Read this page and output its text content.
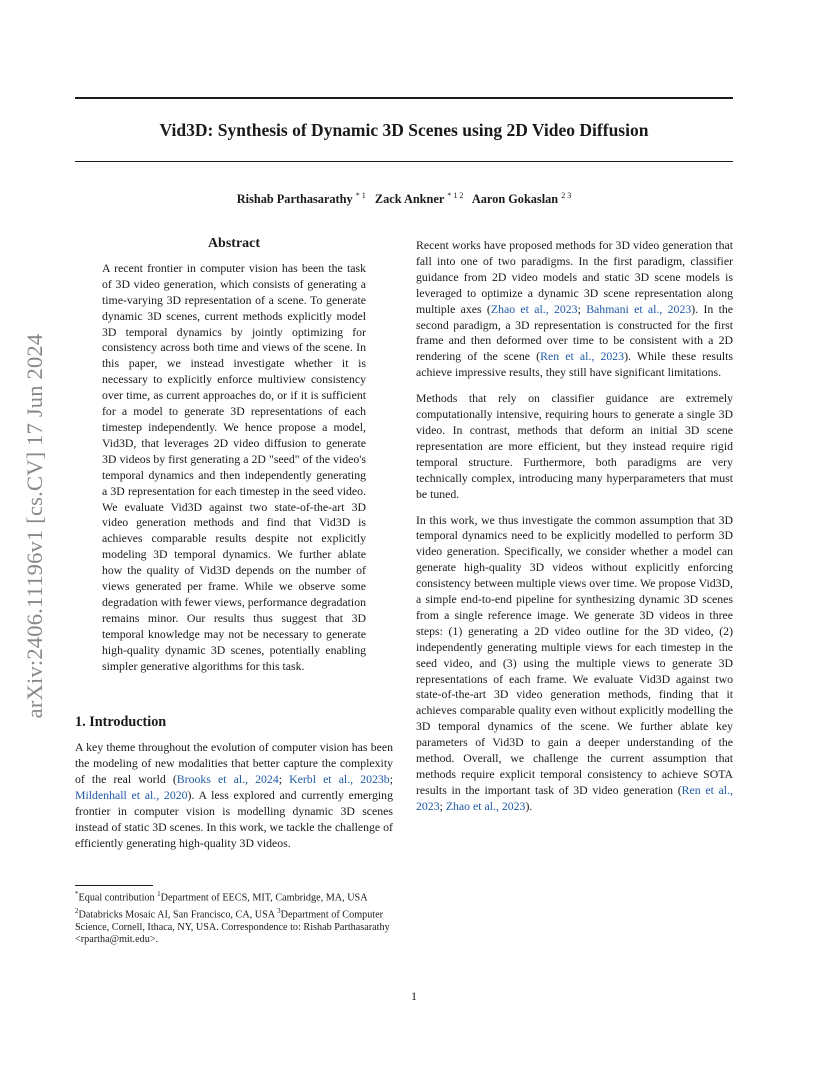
arXiv:2406.11196v1 [cs.CV] 17 Jun 2024
Vid3D: Synthesis of Dynamic 3D Scenes using 2D Video Diffusion
Rishab Parthasarathy $^{* 1}$ Zack Ankner $^{* 1 2}$ Aaron Gokaslan $^{2 3}$
Abstract

A recent frontier in computer vision has been the task of 3D video generation, which consists of generating a time-varying 3D representation of a scene. To generate dynamic 3D scenes, current methods explicitly model 3D temporal dynamics by jointly optimizing for consistency across both time and views of the scene. In this paper, we instead investigate whether it is necessary to explicitly enforce multiview consistency over time, as current approaches do, or if it is sufficient for a model to generate 3D representations of each timestep independently. We hence propose a model, Vid3D, that leverages 2D video diffusion to generate 3D videos by first generating a 2D "seed" of the video's temporal dynamics and then independently generating a 3D representation for each timestep in the seed video. We evaluate Vid3D against two state-of-the-art 3D video generation methods and find that Vid3D is achieves comparable results despite not explicitly modeling 3D temporal dynamics. We further ablate how the quality of Vid3D depends on the number of views generated per frame. While we observe some degradation with fewer views, performance degradation remains minor. Our results thus suggest that 3D temporal knowledge may not be necessary to generate high-quality dynamic 3D scenes, potentially enabling simpler generative algorithms for this task.

1. Introduction

A key theme throughout the evolution of computer vision has been the modeling of new modalities that better capture the complexity of the real world (Brooks et al., 2024; Kerbl et al., 2023b; Mildenhall et al., 2020). A less explored and currently emerging frontier in computer vision is modelling dynamic 3D scenes instead of static 3D scenes. In this work, we tackle the challenge of efficiently generating high-quality 3D videos.

*Equal contribution $^1$Department of EECS, MIT, Cambridge, MA, USA $^2$Databricks Mosaic AI, San Francisco, CA, USA $^3$Department of Computer Science, Cornell, Ithaca, NY, USA. Correspondence to: Rishab Parthasarathy <rpartha@mit.edu>.

Recent works have proposed methods for 3D video generation that fall into one of two paradigms. In the first paradigm, classifier guidance from 2D video models and static 3D scene models is leveraged to optimize a dynamic 3D scene representation along multiple axes (Zhao et al., 2023; Bahmani et al., 2023). In the second paradigm, a 3D representation is constructed for the first frame and then deformed over time to be consistent with a 2D rendering of the scene (Ren et al., 2023). While these results achieve impressive results, they still have significant limitations.

Methods that rely on classifier guidance are extremely computationally intensive, requiring hours to generate a single 3D video. In contrast, methods that deform an initial 3D scene representation are more efficient, but they instead require rigid temporal structure. Furthermore, both paradigms are very technically complex, introducing many hyperparameters that must be tuned.

In this work, we thus investigate the common assumption that 3D temporal dynamics need to be explicitly modelled to perform 3D video generation. Specifically, we consider whether a model can generate high-quality 3D videos without explicitly enforcing consistency between multiple views over time. We propose Vid3D, a simple end-to-end pipeline for synthesizing dynamic 3D scenes from a single reference image. We generate 3D videos in three steps: (1) generating a 2D video outline for the 3D video, (2) independently generating multiple views for each timestep in the seed video, and (3) using the multiple views to generate 3D representations of each frame. We evaluate Vid3D against two state-of-the-art 3D video generation methods, finding that it achieves comparable quality even without explicitly modelling the 3D temporal dynamics of the scene. We further ablate key parameters of Vid3D to gain a deeper understanding of the method. Overall, we challenge the current assumption that methods require explicit temporal consistency to achieve SOTA results in the important task of 3D video generation (Ren et al., 2023; Zhao et al., 2023).

1
